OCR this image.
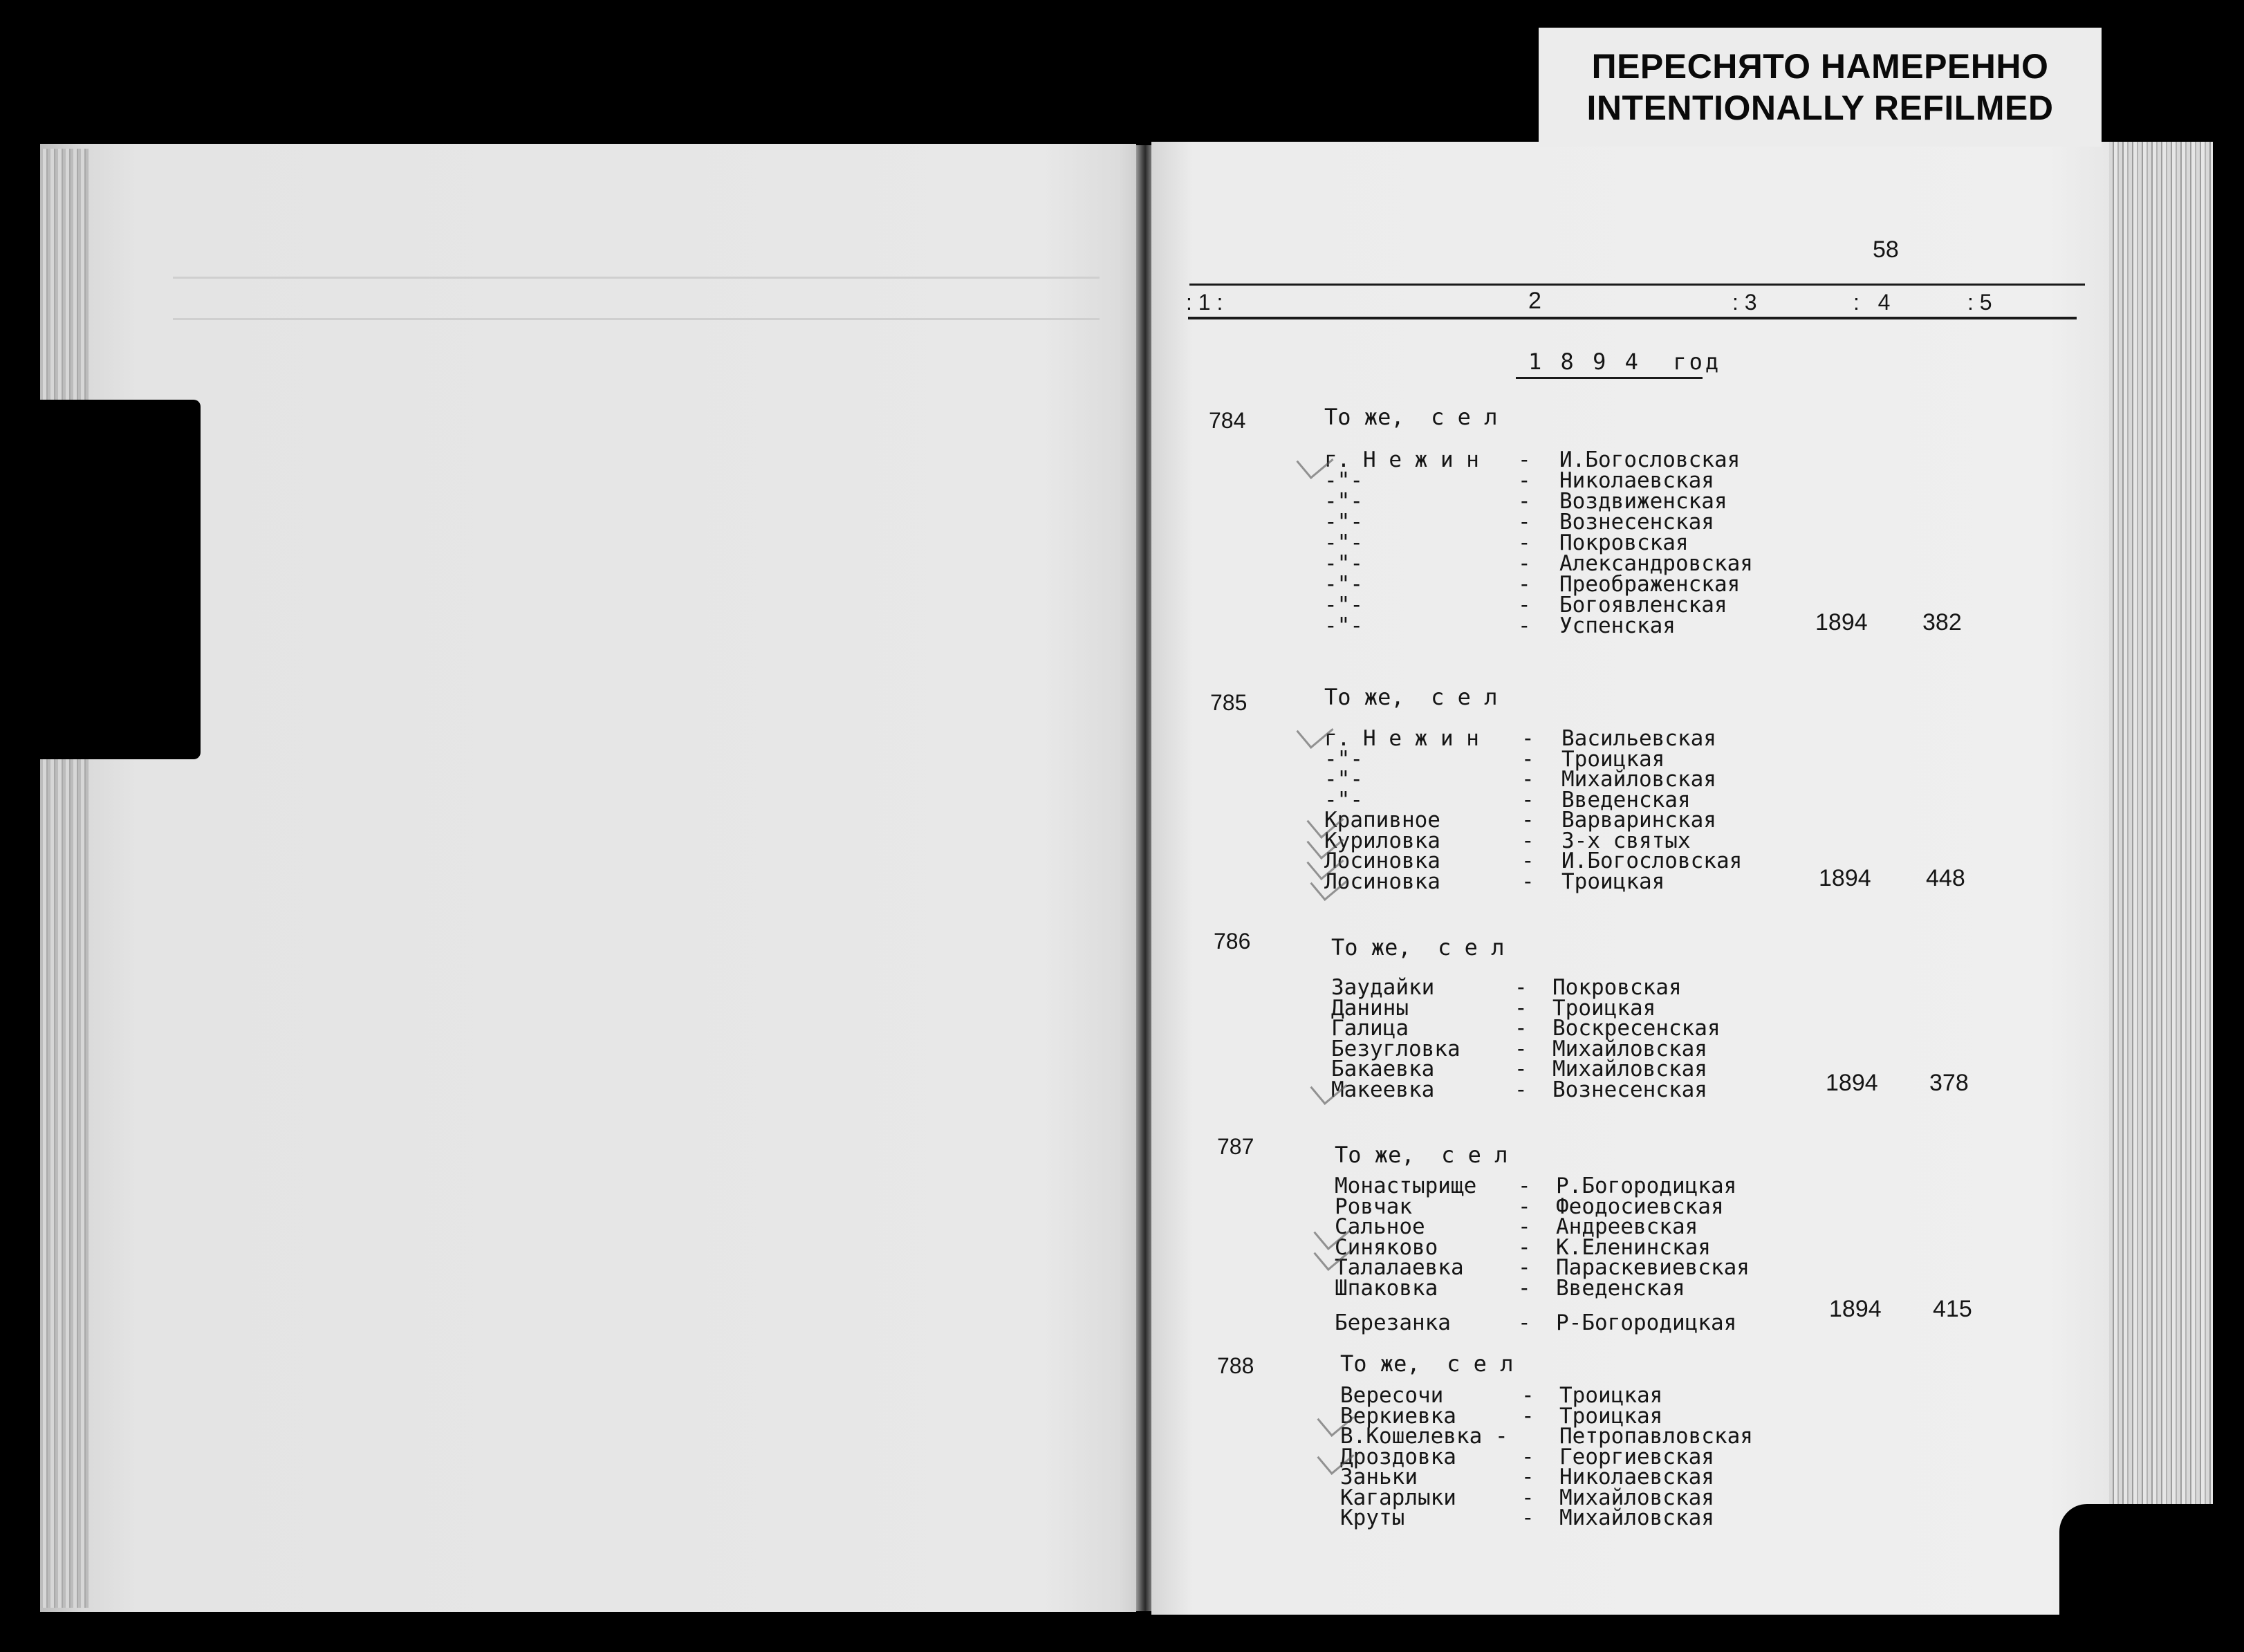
ПЕРЕСНЯТО НАМЕРЕННО
INTENTIONALLY REFILMED
58
: 1 :	2	: 3	:   4	: 5
1 8 9 4  год
784	То же,  с е л
г. Н е ж и н - И.Богословская
-"-	- Николаевская
-"-	- Воздвиженская
-"-	- Вознесенская
-"-	- Покровская
-"-	- Александровская
-"-	- Преображенская
-"-	- Богоявленская
-"-	- Успенская	1894 382
785	То же,  с е л
г. Н е ж и н - Васильевская
-"-	- Троицкая
-"-	- Михайловская
-"-	- Введенская
Крапивное	- Варваринская
Куриловка	- 3-х святых
Лосиновка	- И.Богословская
Лосиновка	- Троицкая	1894 448
786	То же,  с е л
Заудайки	- Покровская
Данины	- Троицкая
Галица	- Воскресенская
Безугловка	- Михайловская
Бакаевка	- Михайловская
Макеевка	- Вознесенская	1894 378
787	То же,  с е л
Монастырище - Р.Богородицкая
Ровчак	- Феодосиевская
Сальное	- Андреевская
Синяково	- К.Еленинская
Талалаевка	- Параскевиевская
Шпаковка	- Введенская
Березанка	- Р-Богородицкая
1894 415
788	То же,  с е л
Вересочи	- Троицкая
Веркиевка	- Троицкая
В.Кошелевка - Петропавловская
Дроздовка	- Георгиевская
Заньки	- Николаевская
Кагарлыки	- Михайловская
Круты	- Михайловская
